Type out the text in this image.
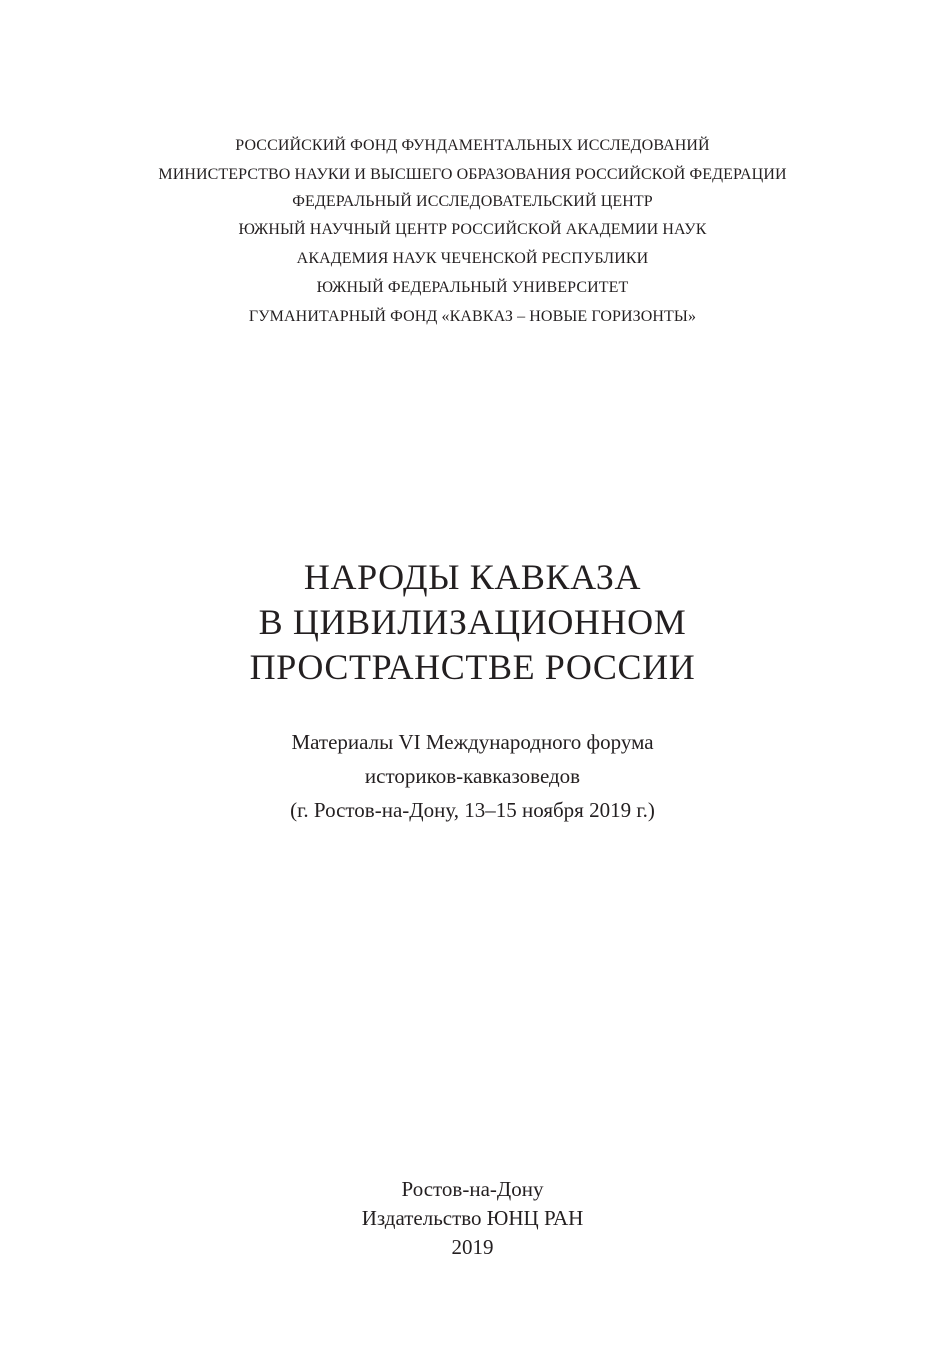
РОССИЙСКИЙ ФОНД ФУНДАМЕНТАЛЬНЫХ ИССЛЕДОВАНИЙ
МИНИСТЕРСТВО НАУКИ И ВЫСШЕГО ОБРАЗОВАНИЯ РОССИЙСКОЙ ФЕДЕРАЦИИ
ФЕДЕРАЛЬНЫЙ ИССЛЕДОВАТЕЛЬСКИЙ ЦЕНТР
ЮЖНЫЙ НАУЧНЫЙ ЦЕНТР РОССИЙСКОЙ АКАДЕМИИ НАУК
АКАДЕМИЯ НАУК ЧЕЧЕНСКОЙ РЕСПУБЛИКИ
ЮЖНЫЙ ФЕДЕРАЛЬНЫЙ УНИВЕРСИТЕТ
ГУМАНИТАРНЫЙ ФОНД «КАВКАЗ – НОВЫЕ ГОРИЗОНТЫ»
НАРОДЫ КАВКАЗА
В ЦИВИЛИЗАЦИОННОМ
ПРОСТРАНСТВЕ РОССИИ
Материалы VI Международного форума
историков-кавказоведов
(г. Ростов-на-Дону, 13–15 ноября 2019 г.)
Ростов-на-Дону
Издательство ЮНЦ РАН
2019
